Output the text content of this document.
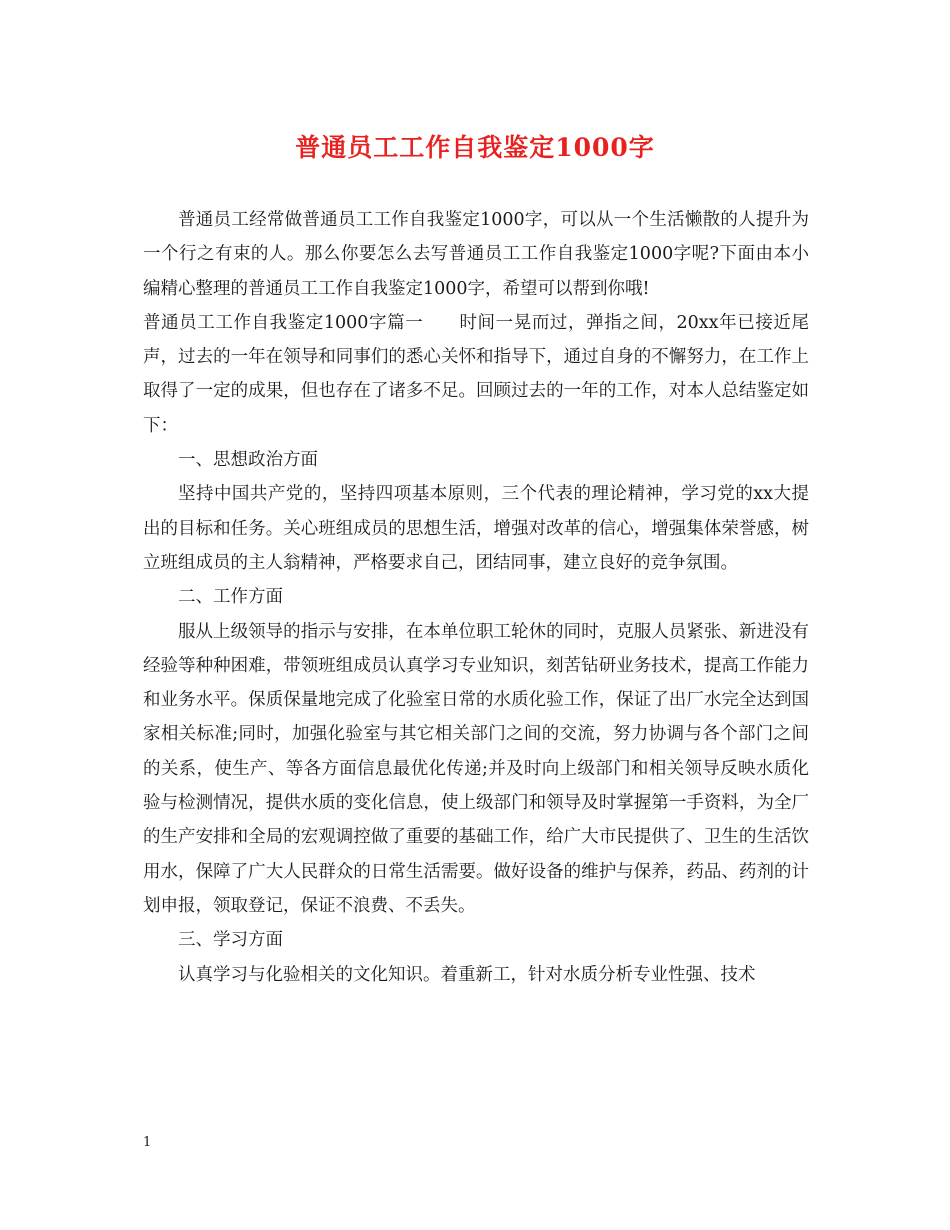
普通员工工作自我鉴定1000字

普通员工经常做普通员工工作自我鉴定1000字，可以从一个生活懒散的人提升为一个行之有束的人。那么你要怎么去写普通员工工作自我鉴定1000字呢?下面由本小编精心整理的普通员工工作自我鉴定1000字，希望可以帮到你哦!

普通员工工作自我鉴定1000字篇一　　时间一晃而过，弹指之间，20xx年已接近尾声，过去的一年在领导和同事们的悉心关怀和指导下，通过自身的不懈努力，在工作上取得了一定的成果，但也存在了诸多不足。回顾过去的一年的工作，对本人总结鉴定如下：

一、思想政治方面

坚持中国共产党的，坚持四项基本原则，三个代表的理论精神，学习党的xx大提出的目标和任务。关心班组成员的思想生活，增强对改革的信心，增强集体荣誉感，树立班组成员的主人翁精神，严格要求自己，团结同事，建立良好的竞争氛围。

二、工作方面

服从上级领导的指示与安排，在本单位职工轮休的同时，克服人员紧张、新进没有经验等种种困难，带领班组成员认真学习专业知识，刻苦钻研业务技术，提高工作能力和业务水平。保质保量地完成了化验室日常的水质化验工作，保证了出厂水完全达到国家相关标准;同时，加强化验室与其它相关部门之间的交流，努力协调与各个部门之间的关系，使生产、等各方面信息最优化传递;并及时向上级部门和相关领导反映水质化验与检测情况，提供水质的变化信息，使上级部门和领导及时掌握第一手资料，为全厂的生产安排和全局的宏观调控做了重要的基础工作，给广大市民提供了、卫生的生活饮用水，保障了广大人民群众的日常生活需要。做好设备的维护与保养，药品、药剂的计划申报，领取登记，保证不浪费、不丢失。

三、学习方面

认真学习与化验相关的文化知识。着重新工，针对水质分析专业性强、技术

1
